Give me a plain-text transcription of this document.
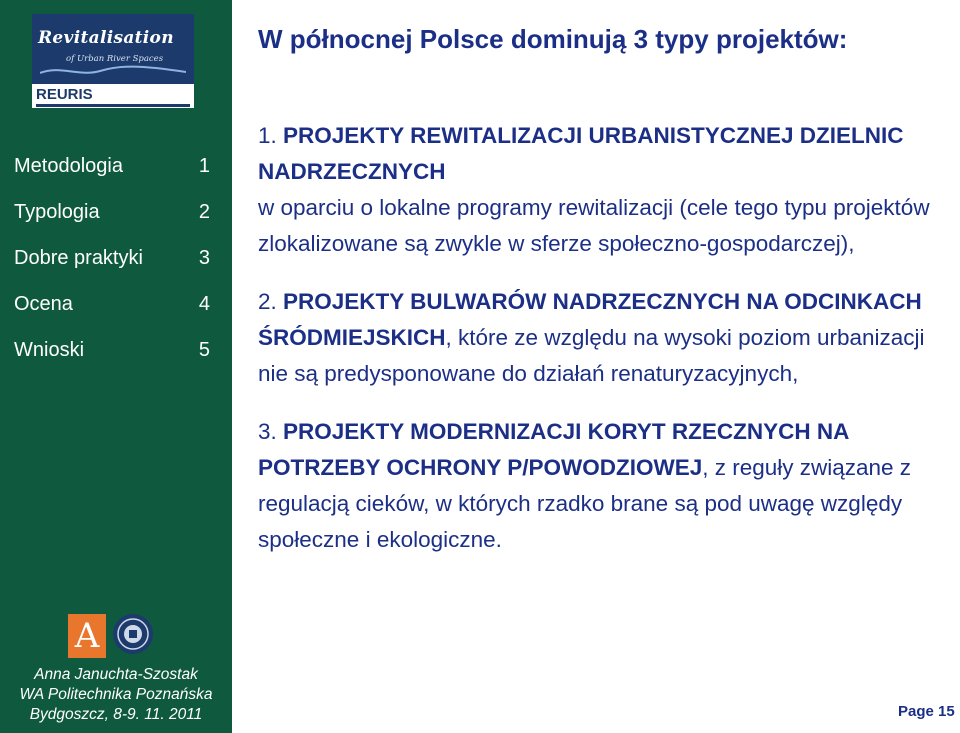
Revitalisation
of Urban River Spaces
REURIS
Metodologia	1
Typologia	2
Dobre praktyki	3
Ocena	4
Wnioski	5
A
Anna Januchta-Szostak
WA Politechnika Poznańska
Bydgoszcz, 8-9. 11. 2011
W północnej Polsce dominują 3 typy projektów:

1. PROJEKTY REWITALIZACJI URBANISTYCZNEJ DZIELNIC NADRZECZNYCH
w oparciu o lokalne programy rewitalizacji (cele tego typu projektów zlokalizowane są zwykle w sferze społeczno-gospodarczej),

2. PROJEKTY BULWARÓW NADRZECZNYCH NA ODCINKACH ŚRÓDMIEJSKICH, które ze względu na wysoki poziom urbanizacji nie są predysponowane do działań renaturyzacyjnych,

3. PROJEKTY MODERNIZACJI KORYT RZECZNYCH NA POTRZEBY OCHRONY P/POWODZIOWEJ, z reguły związane z regulacją cieków, w których rzadko brane są pod uwagę względy społeczne i ekologiczne.

Page 15
